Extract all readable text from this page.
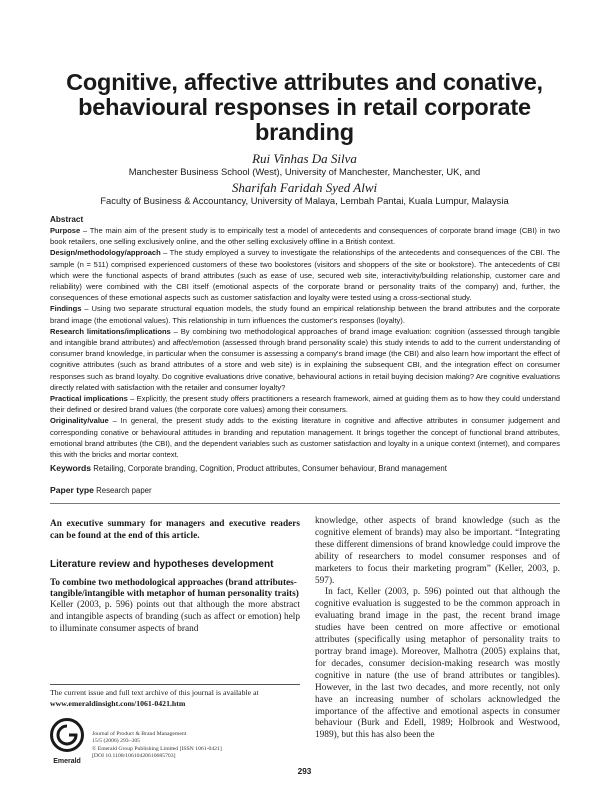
Cognitive, affective attributes and conative, behavioural responses in retail corporate branding
Rui Vinhas Da Silva
Manchester Business School (West), University of Manchester, Manchester, UK, and
Sharifah Faridah Syed Alwi
Faculty of Business & Accountancy, University of Malaya, Lembah Pantai, Kuala Lumpur, Malaysia
Abstract

Purpose – The main aim of the present study is to empirically test a model of antecedents and consequences of corporate brand image (CBI) in two book retailers, one selling exclusively online, and the other selling exclusively offline in a British context.

Design/methodology/approach – The study employed a survey to investigate the relationships of the antecedents and consequences of the CBI. The sample (n = 511) comprised experienced customers of these two bookstores (visitors and shoppers of the site or bookstore). The antecedents of CBI which were the functional aspects of brand attributes (such as ease of use, secured web site, interactivity/building relationship, customer care and reliability) were combined with the CBI itself (emotional aspects of the corporate brand or personality traits of the company) and, further, the consequences of these emotional aspects such as customer satisfaction and loyalty were tested using a cross-sectional study.

Findings – Using two separate structural equation models, the study found an empirical relationship between the brand attributes and the corporate brand image (the emotional values). This relationship in turn influences the customer's responses (loyalty).

Research limitations/implications – By combining two methodological approaches of brand image evaluation: cognition (assessed through tangible and intangible brand attributes) and affect/emotion (assessed through brand personality scale) this study intends to add to the current understanding of consumer brand knowledge, in particular when the consumer is assessing a company's brand image (the CBI) and also learn how important the effect of cognitive attributes (such as brand attributes of a store and web site) is in explaining the subsequent CBI, and the integration effect on consumer responses such as brand loyalty. Do cognitive evaluations drive conative, behavioural actions in retail buying decision making? Are cognitive evaluations directly related with satisfaction with the retailer and consumer loyalty?

Practical implications – Explicitly, the present study offers practitioners a research framework, aimed at guiding them as to how they could understand their defined or desired brand values (the corporate core values) among their consumers.

Originality/value – In general, the present study adds to the existing literature in cognitive and affective attributes in consumer judgement and corresponding conative or behavioural attitudes in branding and reputation management. It brings together the concept of functional brand attributes, emotional brand attributes (the CBI), and the dependent variables such as customer satisfaction and loyalty in a unique context (internet), and compares this with the bricks and mortar context.

Keywords Retailing, Corporate branding, Cognition, Product attributes, Consumer behaviour, Brand management
Paper type Research paper

An executive summary for managers and executive readers can be found at the end of this article.

Literature review and hypotheses development

To combine two methodological approaches (brand attributes-tangible/intangible with metaphor of human personality traits)

Keller (2003, p. 596) points out that although the more abstract and intangible aspects of branding (such as affect or emotion) help to illuminate consumer aspects of brand

knowledge, other aspects of brand knowledge (such as the cognitive element of brands) may also be important. “Integrating these different dimensions of brand knowledge could improve the ability of researchers to model consumer responses and of marketers to focus their marketing program” (Keller, 2003, p. 597).

In fact, Keller (2003, p. 596) pointed out that although the cognitive evaluation is suggested to be the common approach in evaluating brand image in the past, the recent brand image studies have been centred on more affective or emotional attributes (specifically using metaphor of personality traits to portray brand image). Moreover, Malhotra (2005) explains that, for decades, consumer decision-making research was mostly cognitive in nature (the use of brand attributes or tangibles). However, in the last two decades, and more recently, not only have an increasing number of scholars acknowledged the importance of the affective and emotional aspects in consumer behaviour (Burk and Edell, 1989; Holbrook and Westwood, 1989), but this has also been the

The current issue and full text archive of this journal is available at
www.emeraldinsight.com/1061-0421.htm
Emerald
Journal of Product & Brand Management
15/5 (2006) 293–305
© Emerald Group Publishing Limited [ISSN 1061-0421]
[DOI 10.1108/10610420610685703]
293
